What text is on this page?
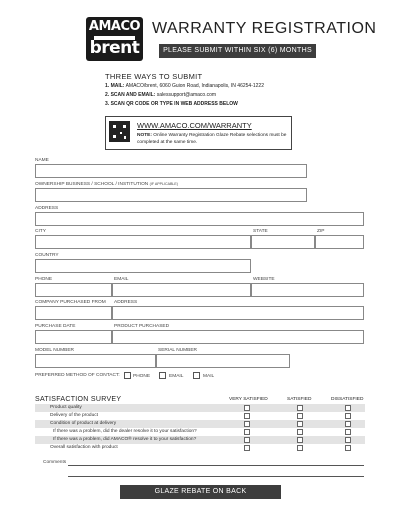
AMACO
brent
WARRANTY REGISTRATION
PLEASE SUBMIT WITHIN SIX (6) MONTHS
THREE WAYS TO SUBMIT
1. MAIL: AMACO/brent, 6060 Guion Road, Indianapolis, IN 46254-1222
2. SCAN AND EMAIL: salessupport@amaco.com
3. SCAN QR CODE OR TYPE IN WEB ADDRESS BELOW
WWW.AMACO.COM/WARRANTY
NOTE: Online Warranty Registration Glaze Rebate selections must be completed at the same time.
NAME
OWNERSHIP BUSINESS / SCHOOL / INSTITUTION (IF APPLICABLE)
ADDRESS
CITY	STATE	ZIP
COUNTRY
PHONE	EMAIL	WEBSITE
COMPANY PURCHASED FROM ADDRESS
PURCHASE DATE	PRODUCT PURCHASED
MODEL NUMBER	SERIAL NUMBER
PREFERRED METHOD OF CONTACT:	PHONE	EMAIL	MAIL
SATISFACTION SURVEY	VERY SATISFIED	SATISFIED	DISSATISFIED
Product quality
Delivery of the product
Condition of product at delivery
If there was a problem, did the dealer resolve it to your satisfaction?
If there was a problem, did AMACO® resolve it to your satisfaction?
Overall satisfaction with product
Comments
GLAZE REBATE ON BACK
